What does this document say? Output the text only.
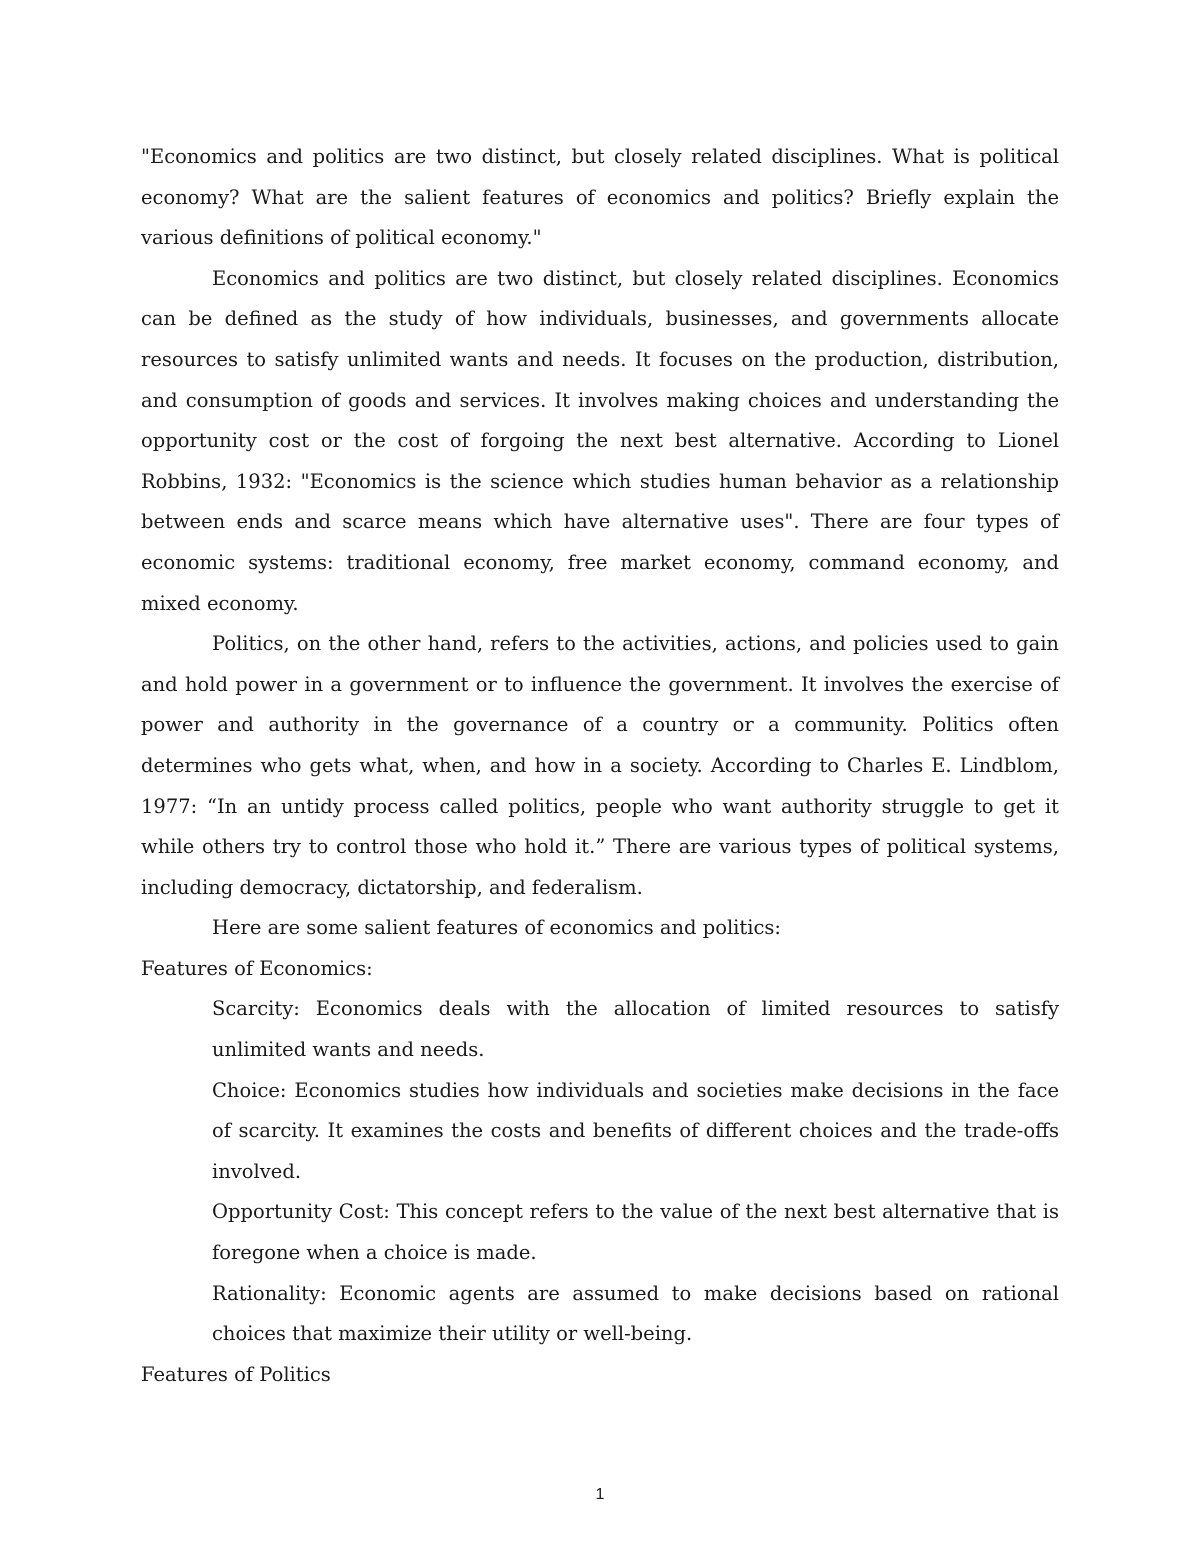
"Economics and politics are two distinct, but closely related disciplines. What is political economy? What are the salient features of economics and politics? Briefly explain the various definitions of political economy."

Economics and politics are two distinct, but closely related disciplines. Economics can be defined as the study of how individuals, businesses, and governments allocate resources to satisfy unlimited wants and needs. It focuses on the production, distribution, and consumption of goods and services. It involves making choices and understanding the opportunity cost or the cost of forgoing the next best alternative. According to Lionel Robbins, 1932: "Economics is the science which studies human behavior as a relationship between ends and scarce means which have alternative uses". There are four types of economic systems: traditional economy, free market economy, command economy, and mixed economy.

Politics, on the other hand, refers to the activities, actions, and policies used to gain and hold power in a government or to influence the government. It involves the exercise of power and authority in the governance of a country or a community. Politics often determines who gets what, when, and how in a society. According to Charles E. Lindblom, 1977: “In an untidy process called politics, people who want authority struggle to get it while others try to control those who hold it.” There are various types of political systems, including democracy, dictatorship, and federalism.

Here are some salient features of economics and politics:

Features of Economics:

Scarcity: Economics deals with the allocation of limited resources to satisfy unlimited wants and needs.

Choice: Economics studies how individuals and societies make decisions in the face of scarcity. It examines the costs and benefits of different choices and the trade-offs involved.

Opportunity Cost: This concept refers to the value of the next best alternative that is foregone when a choice is made.

Rationality: Economic agents are assumed to make decisions based on rational choices that maximize their utility or well-being.

Features of Politics

1
